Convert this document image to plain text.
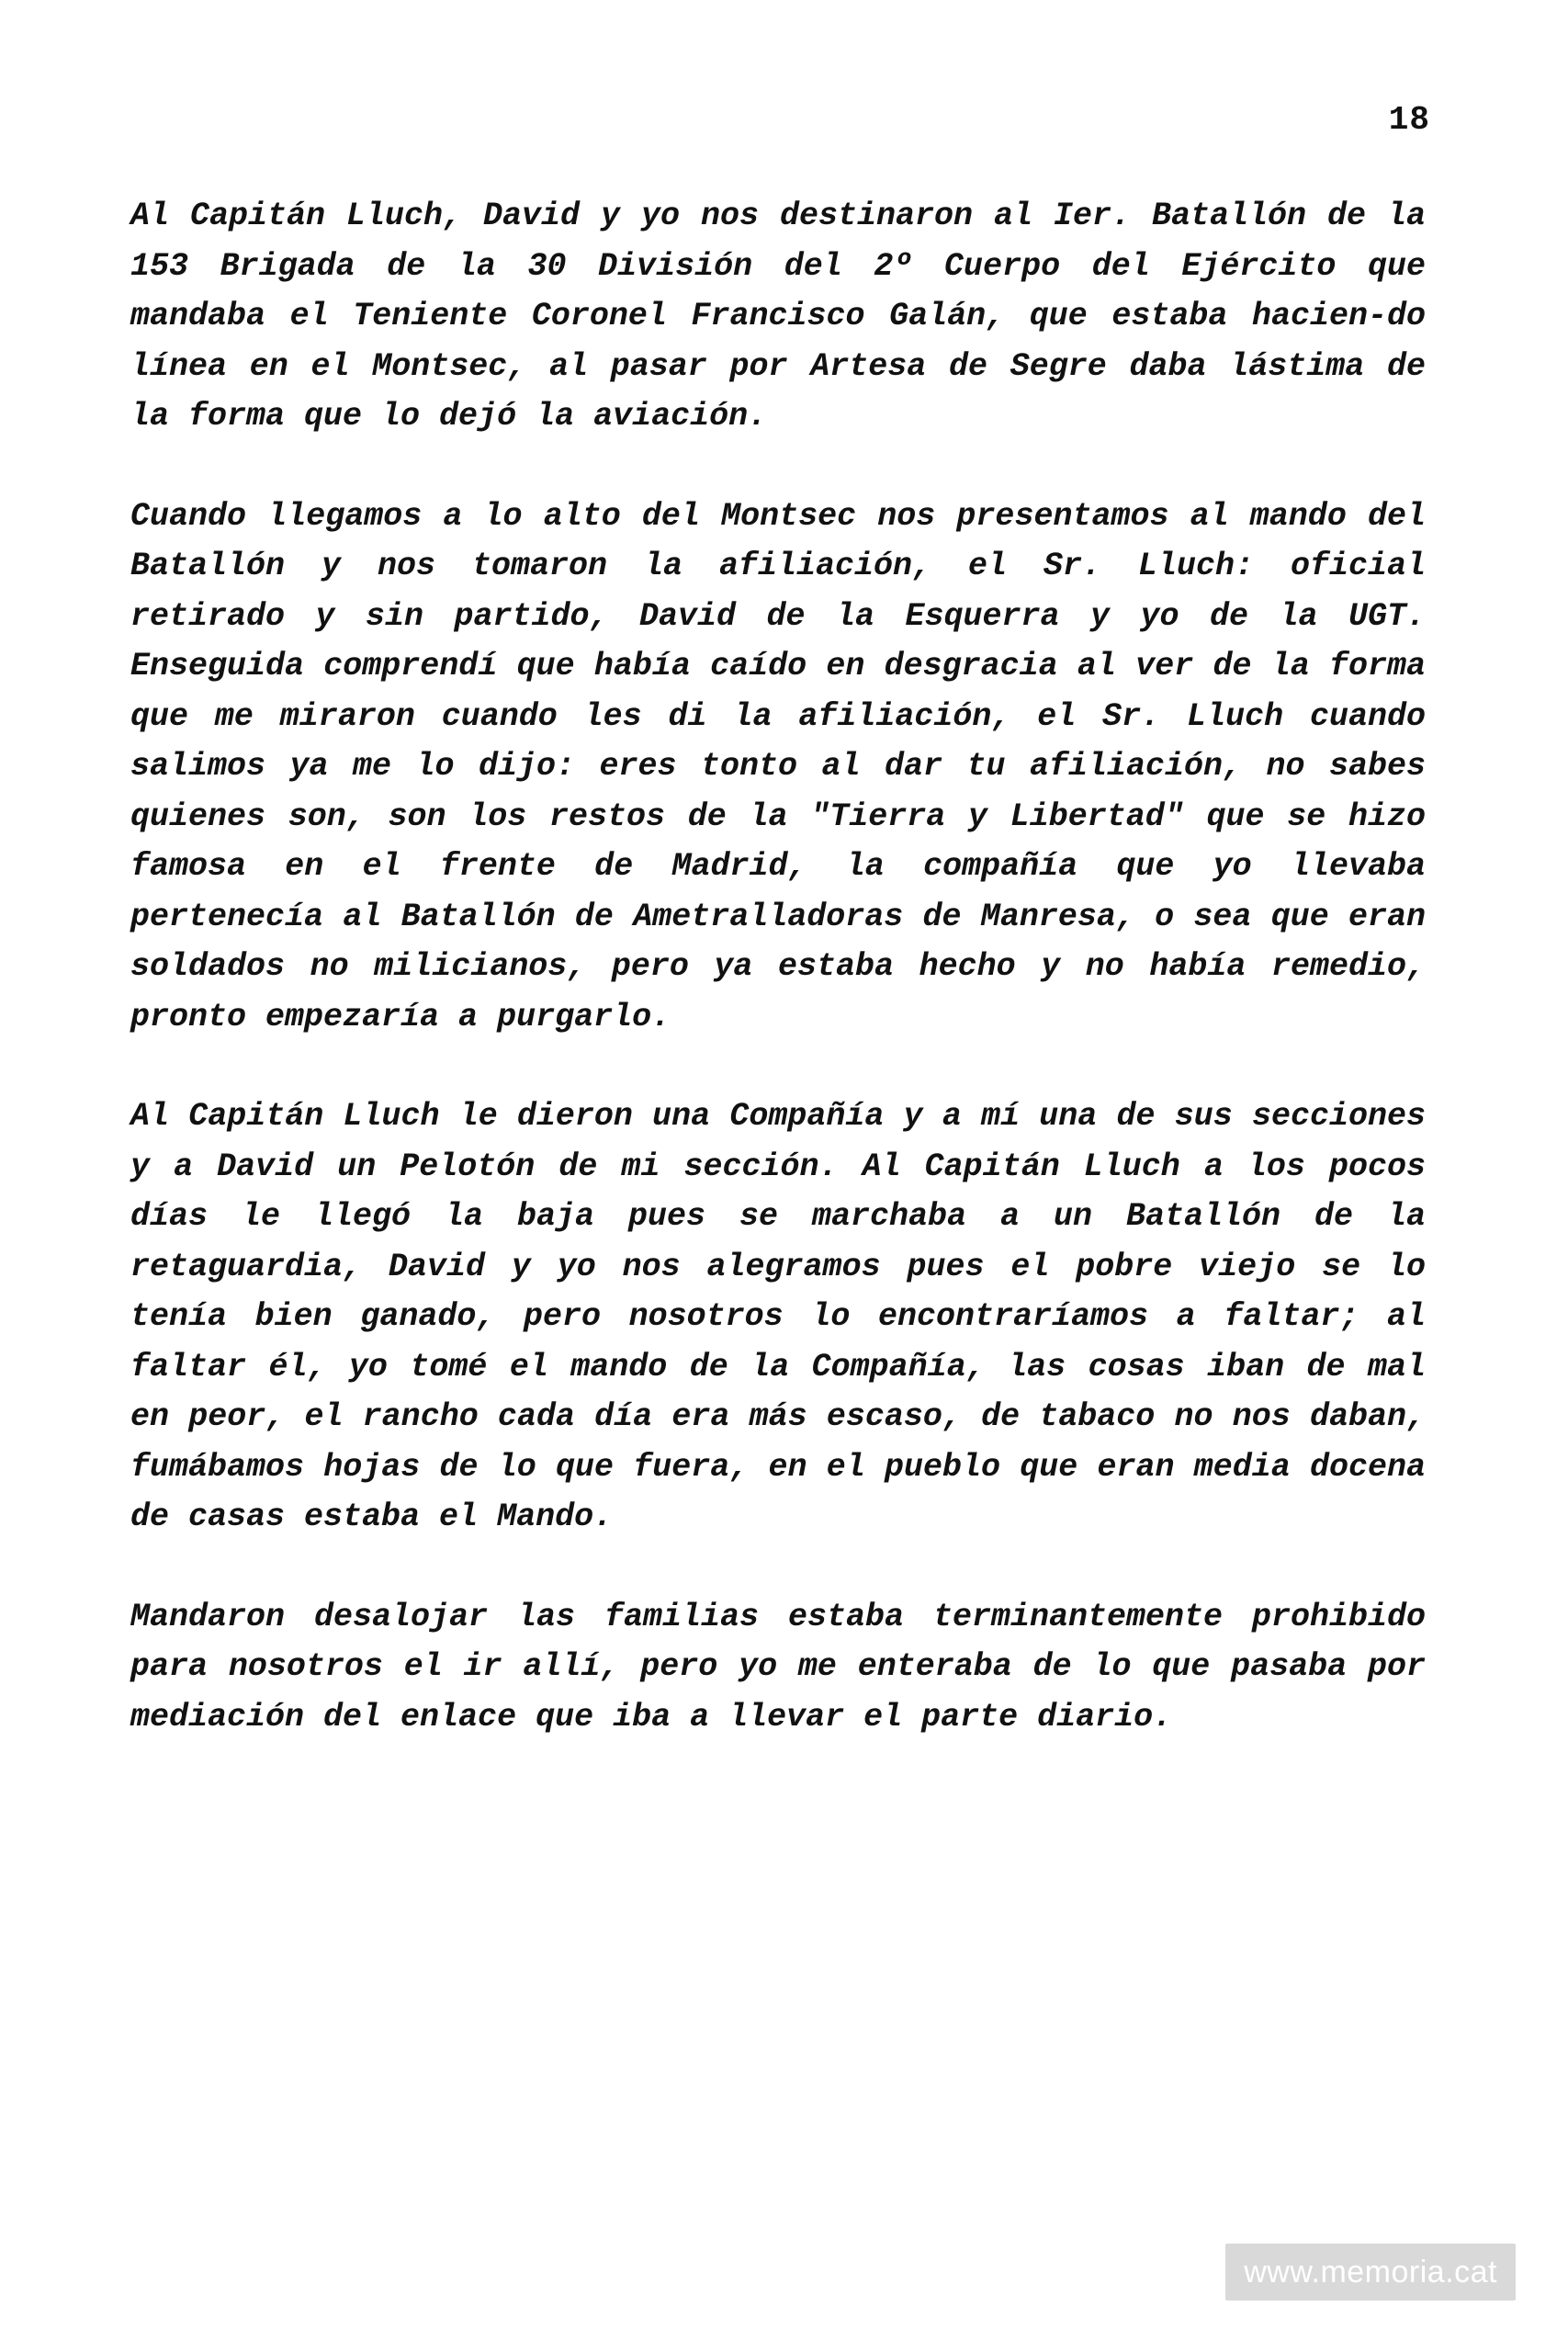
18

Al Capitán Lluch, David y yo nos destinaron al Ier. Batallón de la 153 Brigada de la 30 División del 2º Cuerpo del Ejército que mandaba el Teniente Coronel Francisco Galán, que estaba hacien-do línea en el Montsec, al pasar por Artesa de Segre daba lástima de la forma que lo dejó la aviación.

Cuando llegamos a lo alto del Montsec nos presentamos al mando del Batallón y nos tomaron la afiliación, el Sr. Lluch: oficial retirado y sin partido, David de la Esquerra y yo de la UGT. Enseguida comprendí que había caído en desgracia al ver de la forma que me miraron cuando les di la afiliación, el Sr. Lluch cuando salimos ya me lo dijo: eres tonto al dar tu afiliación, no sabes quienes son, son los restos de la "Tierra y Libertad" que se hizo famosa en el frente de Madrid, la compañía que yo llevaba pertenecía al Batallón de Ametralladoras de Manresa, o sea que eran soldados no milicianos, pero ya estaba hecho y no había remedio, pronto empezaría a purgarlo.

Al Capitán Lluch le dieron una Compañía y a mí una de sus secciones y a David un Pelotón de mi sección. Al Capitán Lluch a los pocos días le llegó la baja pues se marchaba a un Batallón de la retaguardia, David y yo nos alegramos pues el pobre viejo se lo tenía bien ganado, pero nosotros lo encontraríamos a faltar; al faltar él, yo tomé el mando de la Compañía, las cosas iban de mal en peor, el rancho cada día era más escaso, de tabaco no nos daban, fumábamos hojas de lo que fuera, en el pueblo que eran media docena de casas estaba el Mando.

Mandaron desalojar las familias estaba terminantemente prohibido para nosotros el ir allí, pero yo me enteraba de lo que pasaba por mediación del enlace que iba a llevar el parte diario.

www.memoria.cat
